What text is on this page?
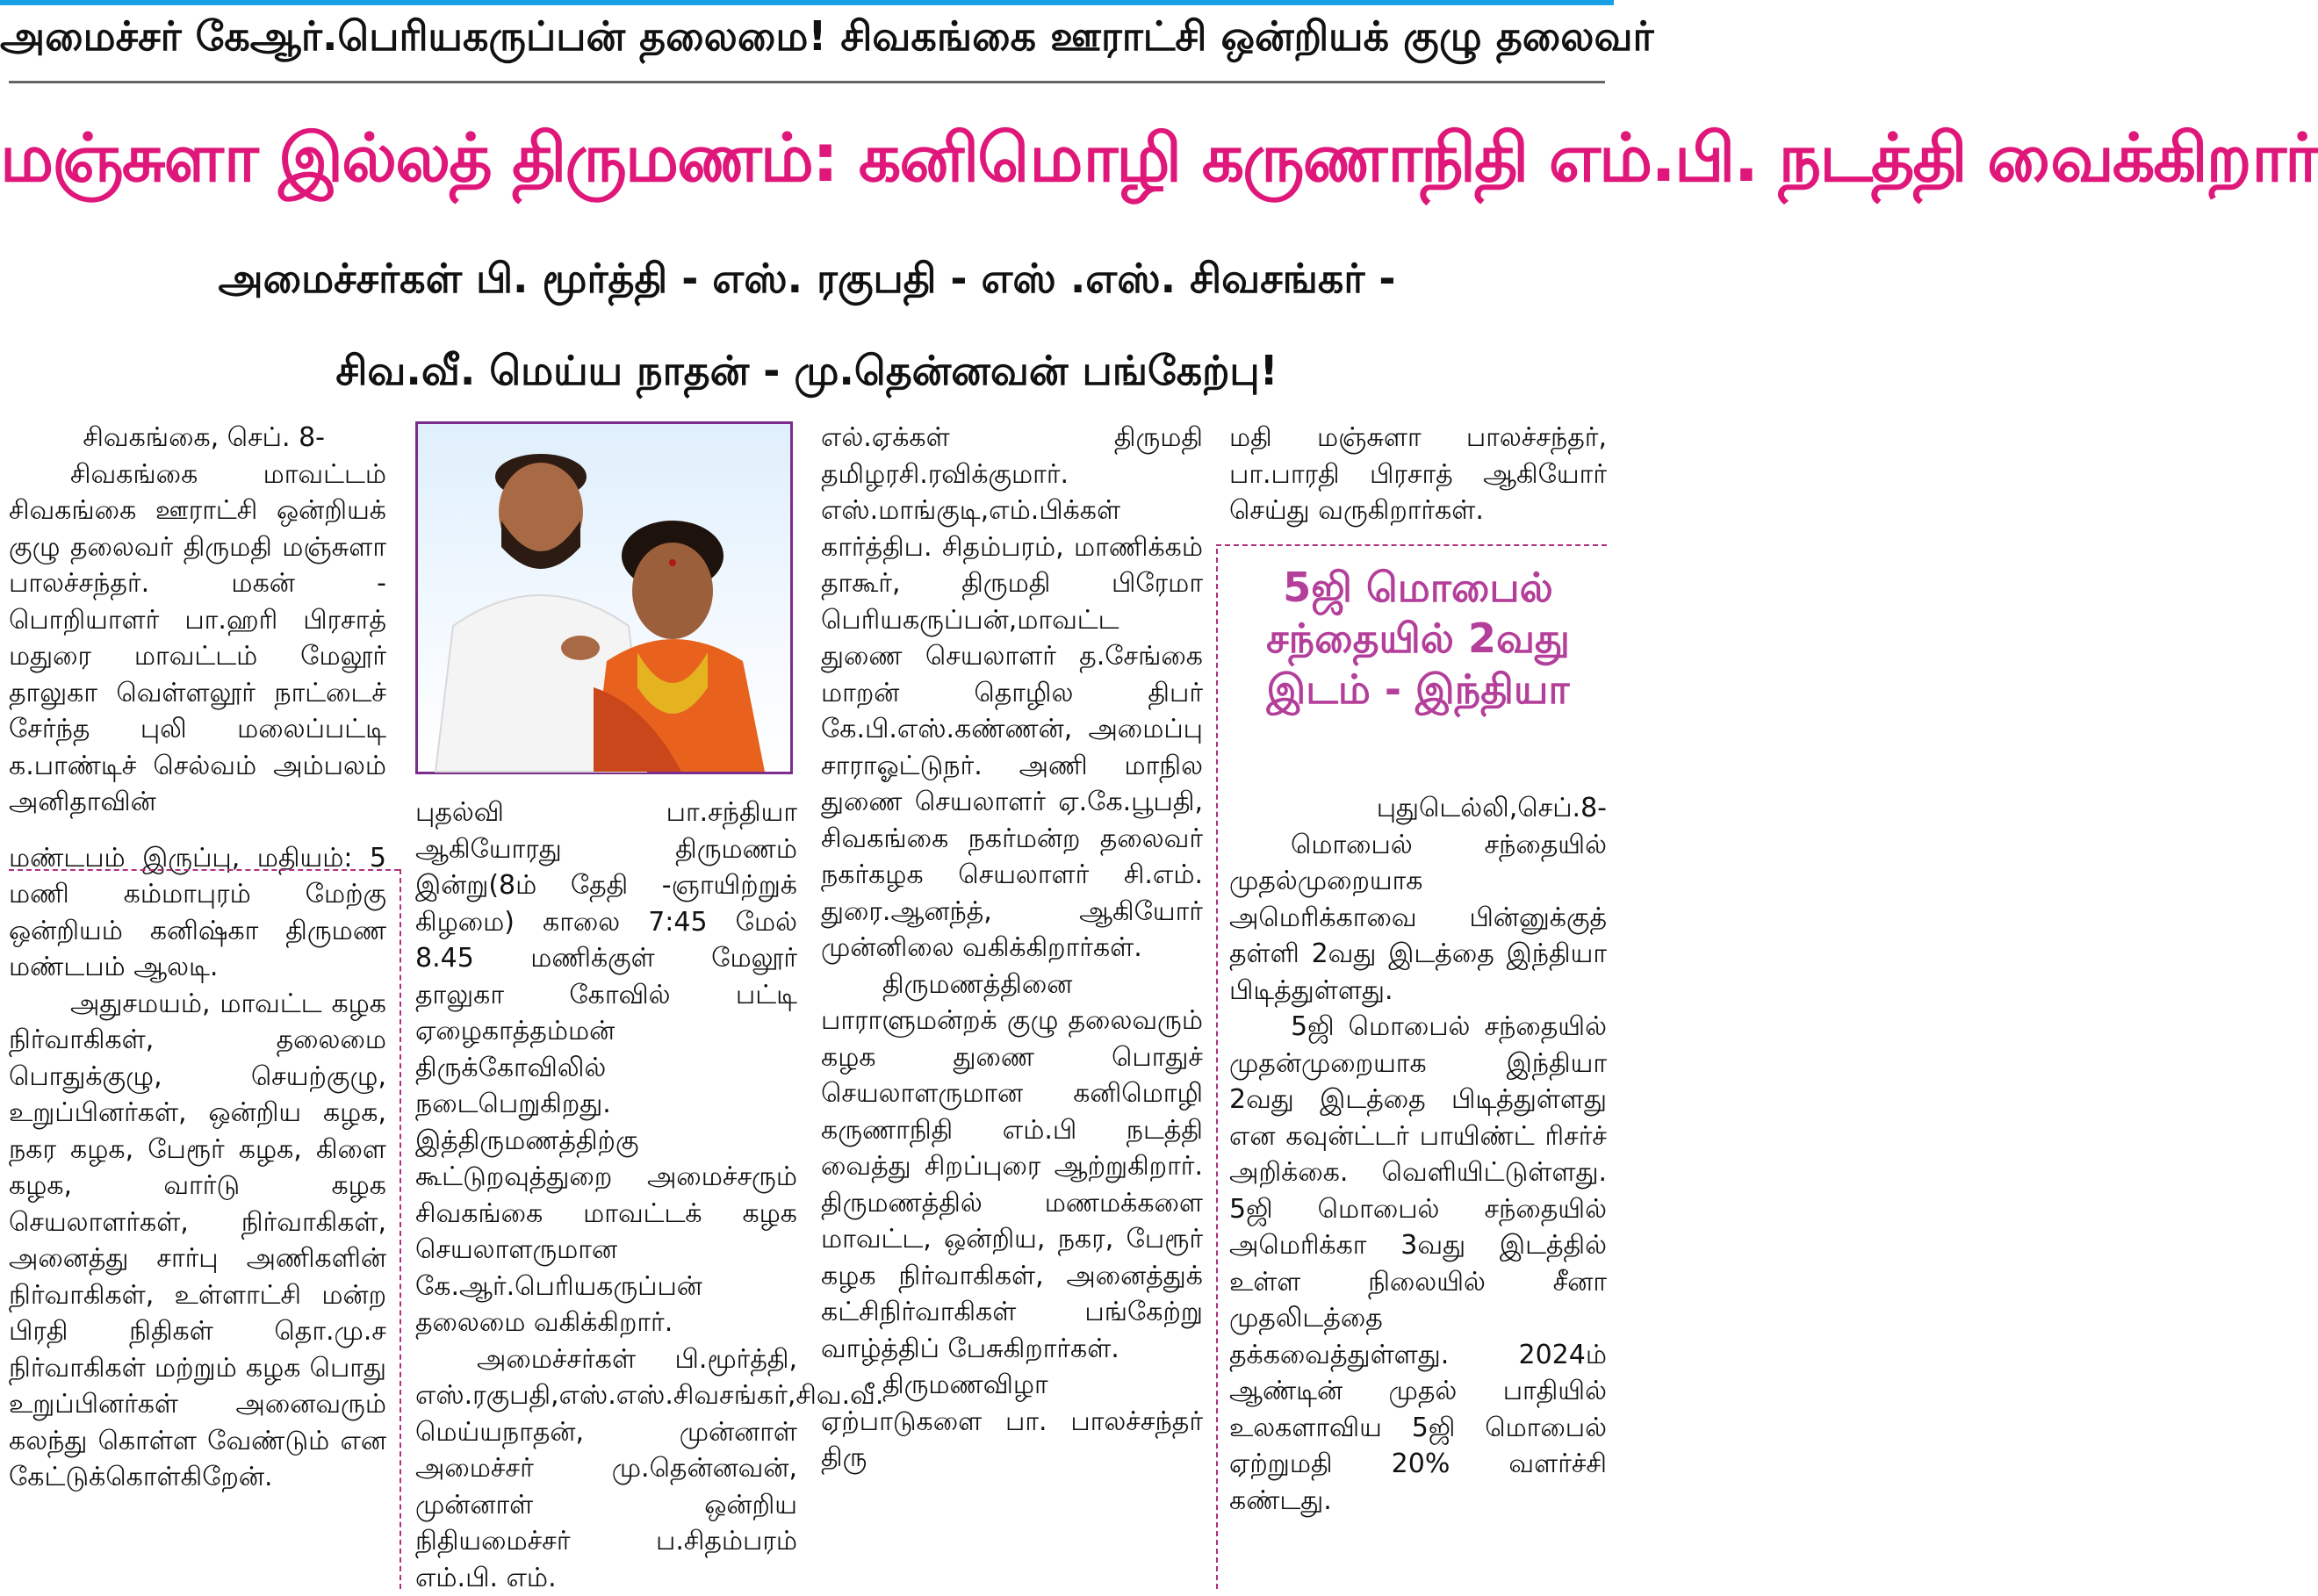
அமைச்சர் கேஆர்.பெரியகருப்பன் தலைமை! சிவகங்கை ஊராட்சி ஒன்றியக் குழு தலைவர்
மஞ்சுளா இல்லத் திருமணம்: கனிமொழி கருணாநிதி எம்.பி. நடத்தி வைக்கிறார்
அமைச்சர்கள் பி. மூர்த்தி - எஸ். ரகுபதி - எஸ் .எஸ். சிவசங்கர் -
சிவ.வீ. மெய்ய நாதன் - மு.தென்னவன் பங்கேற்பு!

சிவகங்கை, செப். 8-

சிவகங்கை மாவட்டம் சிவகங்கை ஊராட்சி ஒன்றியக் குழு தலைவர் திருமதி மஞ்சுளா பாலச்சந்தர். மகன் - பொறியாளர் பா.ஹரி பிரசாத் மதுரை மாவட்டம் மேலூர் தாலுகா வெள்ளலூர் நாட்டைச் சேர்ந்த புலி மலைப்பட்டி க.பாண்டிச் செல்வம் அம்பலம் அனிதாவின்

மண்டபம் இருப்பு, மதியம்: 5 மணி கம்மாபுரம் மேற்கு ஒன்றியம் கனிஷ்கா திருமண மண்டபம் ஆலடி.

அதுசமயம், மாவட்ட கழக நிர்வாகிகள், தலைமை பொதுக்குழு, செயற்குழு, உறுப்பினர்கள், ஒன்றிய கழக, நகர கழக, பேரூர் கழக, கிளை கழக, வார்டு கழக செயலாளர்கள், நிர்வாகிகள், அனைத்து சார்பு அணிகளின் நிர்வாகிகள், உள்ளாட்சி மன்ற பிரதி நிதிகள் தொ.மு.ச நிர்வாகிகள் மற்றும் கழக பொது உறுப்பினர்கள் அனைவரும் கலந்து கொள்ள வேண்டும் என கேட்டுக்கொள்கிறேன்.

புதல்வி பா.சந்தியா ஆகியோரது திருமணம் இன்று(8ம் தேதி -ஞாயிற்றுக் கிழமை) காலை 7:45 மேல் 8.45 மணிக்குள் மேலூர் தாலுகா கோவில் பட்டி ஏழைகாத்தம்மன் திருக்கோவிலில் நடைபெறுகிறது. இத்திருமணத்திற்கு கூட்டுறவுத்துறை அமைச்சரும் சிவகங்கை மாவட்டக் கழக செயலாளருமான கே.ஆர்.பெரியகருப்பன் தலைமை வகிக்கிறார்.

அமைச்சர்கள் பி.மூர்த்தி, எஸ்.ரகுபதி,எஸ்.எஸ்.சிவசங்கர்,சிவ.வீ. மெய்யநாதன், முன்னாள் அமைச்சர் மு.தென்னவன், முன்னாள் ஒன்றிய நிதியமைச்சர் ப.சிதம்பரம் எம்.பி. எம்.

எல்.ஏக்கள் திருமதி தமிழரசி.ரவிக்குமார். எஸ்.மாங்குடி,எம்.பிக்கள் கார்த்திப. சிதம்பரம், மாணிக்கம் தாகூர், திருமதி பிரேமா பெரியகருப்பன்,மாவட்ட துணை செயலாளர் த.சேங்கை மாறன் தொழில திபர் கே.பி.எஸ்.கண்ணன், அமைப்பு சாராஓட்டுநர். அணி மாநில துணை செயலாளர் ஏ.கே.பூபதி, சிவகங்கை நகர்மன்ற தலைவர் நகர்கழக செயலாளர் சி.எம். துரை.ஆனந்த், ஆகியோர் முன்னிலை வகிக்கிறார்கள்.

திருமணத்தினை பாராளுமன்றக் குழு தலைவரும் கழக துணை பொதுச் செயலாளருமான கனிமொழி கருணாநிதி எம்.பி நடத்தி வைத்து சிறப்புரை ஆற்றுகிறார். திருமணத்தில் மணமக்களை மாவட்ட, ஒன்றிய, நகர, பேரூர் கழக நிர்வாகிகள், அனைத்துக் கட்சிநிர்வாகிகள் பங்கேற்று வாழ்த்திப் பேசுகிறார்கள்.

திருமணவிழா ஏற்பாடுகளை பா. பாலச்சந்தர் திரு

மதி மஞ்சுளா பாலச்சந்தர், பா.பாரதி பிரசாத் ஆகியோர் செய்து வருகிறார்கள்.

5ஜி மொபைல் சந்தையில் 2வது இடம் - இந்தியா

புதுடெல்லி,செப்.8-

மொபைல் சந்தையில் முதல்முறையாக அமெரிக்காவை பின்னுக்குத் தள்ளி 2வது இடத்தை இந்தியா பிடித்துள்ளது.

5ஜி மொபைல் சந்தையில் முதன்முறையாக இந்தியா 2வது இடத்தை பிடித்துள்ளது என கவுன்ட்டர் பாயிண்ட் ரிசர்ச் அறிக்கை. வெளியிட்டுள்ளது. 5ஜி மொபைல் சந்தையில் அமெரிக்கா 3வது இடத்தில் உள்ள நிலையில் சீனா முதலிடத்தை தக்கவைத்துள்ளது. 2024ம் ஆண்டின் முதல் பாதியில் உலகளாவிய 5ஜி மொபைல் ஏற்றுமதி 20% வளர்ச்சி கண்டது.
